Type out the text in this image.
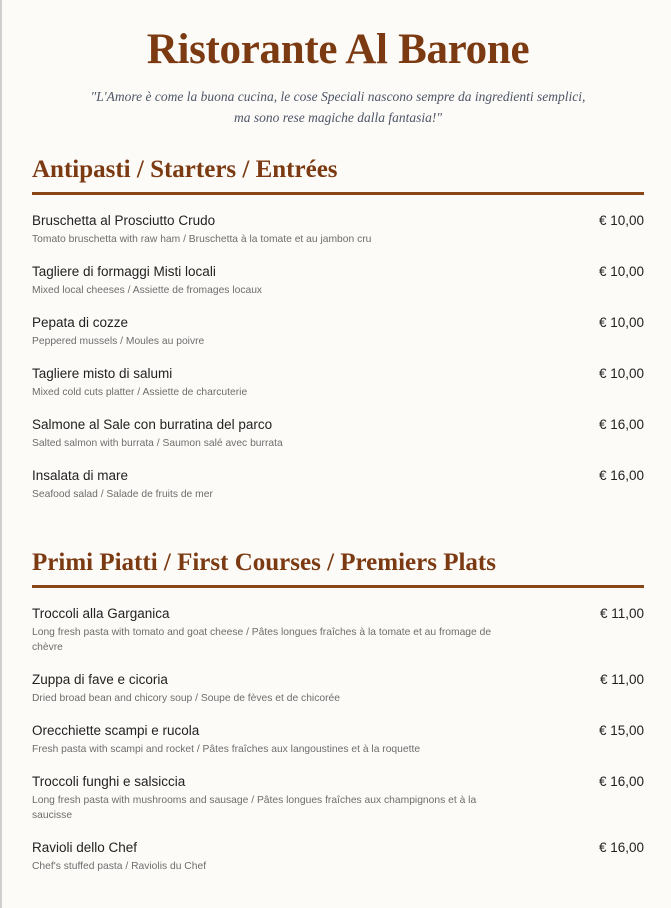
Ristorante Al Barone
"L'Amore è come la buona cucina, le cose Speciali nascono sempre da ingredienti semplici,
ma sono rese magiche dalla fantasia!"
Antipasti / Starters / Entrées
Bruschetta al Prosciutto Crudo
Tomato bruschetta with raw ham / Bruschetta à la tomate et au jambon cru
€ 10,00
Tagliere di formaggi Misti locali
Mixed local cheeses / Assiette de fromages locaux
€ 10,00
Pepata di cozze
Peppered mussels / Moules au poivre
€ 10,00
Tagliere misto di salumi
Mixed cold cuts platter / Assiette de charcuterie
€ 10,00
Salmone al Sale con burratina del parco
Salted salmon with burrata / Saumon salé avec burrata
€ 16,00
Insalata di mare
Seafood salad / Salade de fruits de mer
€ 16,00
Primi Piatti / First Courses / Premiers Plats
Troccoli alla Garganica
Long fresh pasta with tomato and goat cheese / Pâtes longues fraîches à la tomate et au fromage de chèvre
€ 11,00
Zuppa di fave e cicoria
Dried broad bean and chicory soup / Soupe de fèves et de chicorée
€ 11,00
Orecchiette scampi e rucola
Fresh pasta with scampi and rocket / Pâtes fraîches aux langoustines et à la roquette
€ 15,00
Troccoli funghi e salsiccia
Long fresh pasta with mushrooms and sausage / Pâtes longues fraîches aux champignons et à la saucisse
€ 16,00
Ravioli dello Chef
Chef's stuffed pasta / Raviolis du Chef
€ 16,00
